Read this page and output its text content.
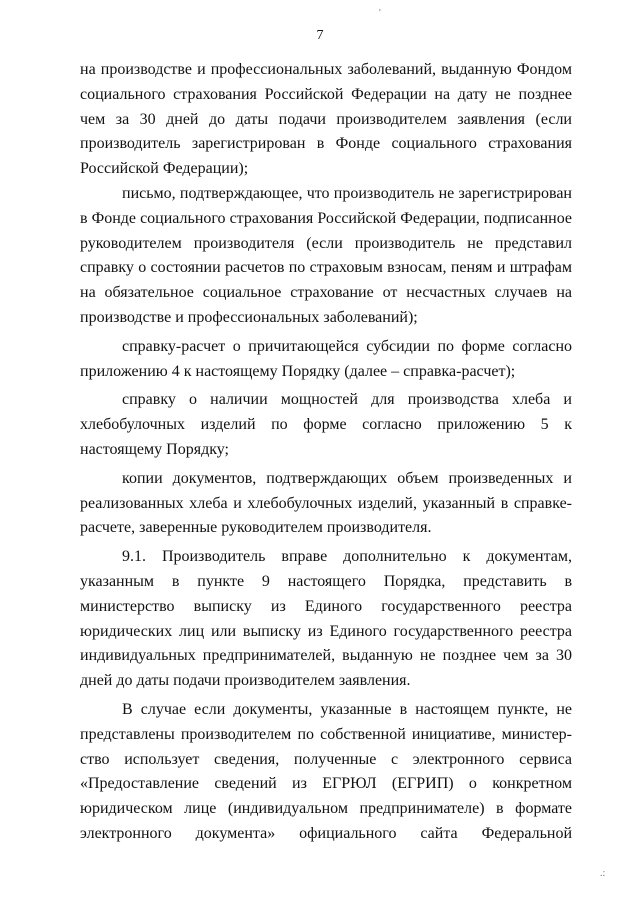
'
7

на производстве и профессиональных заболеваний, выданную Фондом социального страхования Российской Федерации на дату не позднее чем за 30 дней до даты подачи производителем заявления (если производитель зарегистрирован в Фонде социального страхования Российской Федерации);

письмо, подтверждающее, что производитель не зарегистрирован в Фонде социального страхования Российской Федерации, подписанное руководителем производителя (если производитель не представил справку о состоянии расчетов по страховым взносам, пеням и штрафам на обязательное социальное страхование от несчастных случаев на производстве и профессиональных заболеваний);

справку-расчет о причитающейся субсидии по форме согласно приложению 4 к настоящему Порядку (далее – справка-расчет);

справку о наличии мощностей для производства хлеба и хлебобулочных изделий по форме согласно приложению 5 к настоящему Порядку;

копии документов, подтверждающих объем произведенных и реализованных хлеба и хлебобулочных изделий, указанный в справке-расчете, заверенные руководителем производителя.

9.1. Производитель вправе дополнительно к документам, указанным в пункте 9 настоящего Порядка, представить в министерство выписку из Единого государственного реестра юридических лиц или выписку из Единого государственного реестра индивидуальных предпринимателей, выданную не позднее чем за 30 дней до даты подачи производителем заявления.

В случае если документы, указанные в настоящем пункте, не представлены производителем по собственной инициативе, министерство использует сведения, полученные с электронного сервиса «Предоставление сведений из ЕГРЮЛ (ЕГРИП) о конкретном юридическом лице (индивидуальном предпринимателе) в формате электронного документа» официального сайта Федеральной

.:
